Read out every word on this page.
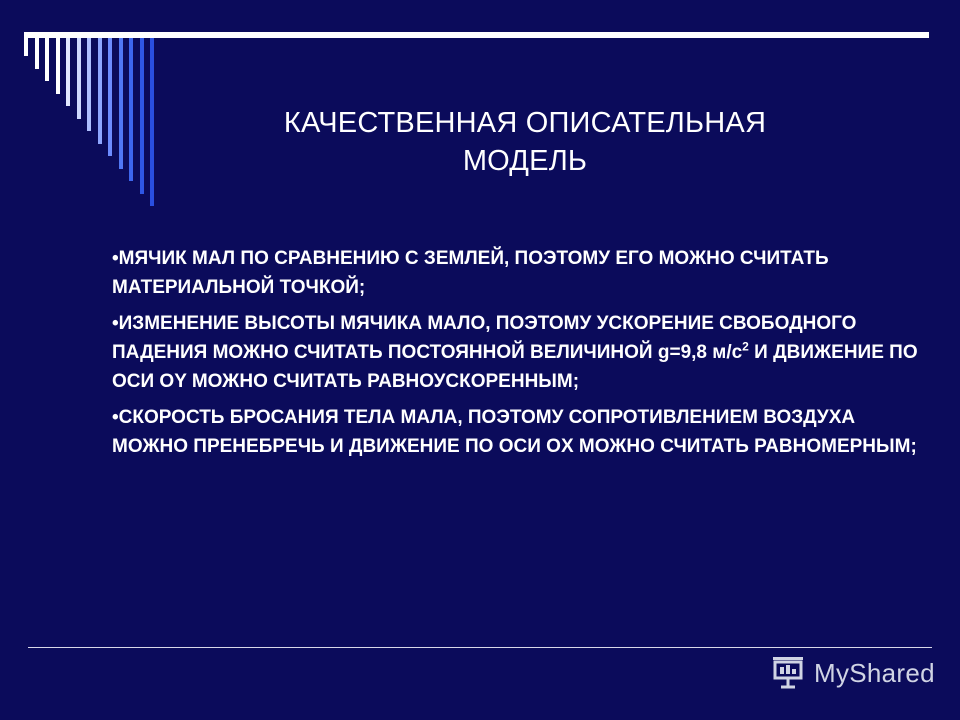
КАЧЕСТВЕННАЯ ОПИСАТЕЛЬНАЯ
МОДЕЛЬ
•МЯЧИК МАЛ ПО СРАВНЕНИЮ С ЗЕМЛЕЙ, ПОЭТОМУ ЕГО МОЖНО СЧИТАТЬ МАТЕРИАЛЬНОЙ ТОЧКОЙ;
•ИЗМЕНЕНИЕ ВЫСОТЫ МЯЧИКА МАЛО, ПОЭТОМУ УСКОРЕНИЕ СВОБОДНОГО ПАДЕНИЯ МОЖНО СЧИТАТЬ ПОСТОЯННОЙ ВЕЛИЧИНОЙ g=9,8 $м/с^2$ И ДВИЖЕНИЕ ПО ОСИ OY МОЖНО СЧИТАТЬ РАВНОУСКОРЕННЫМ;
•СКОРОСТЬ БРОСАНИЯ ТЕЛА МАЛА, ПОЭТОМУ СОПРОТИВЛЕНИЕМ ВОЗДУХА МОЖНО ПРЕНЕБРЕЧЬ И ДВИЖЕНИЕ ПО ОСИ OX МОЖНО СЧИТАТЬ РАВНОМЕРНЫМ;
MyShared
